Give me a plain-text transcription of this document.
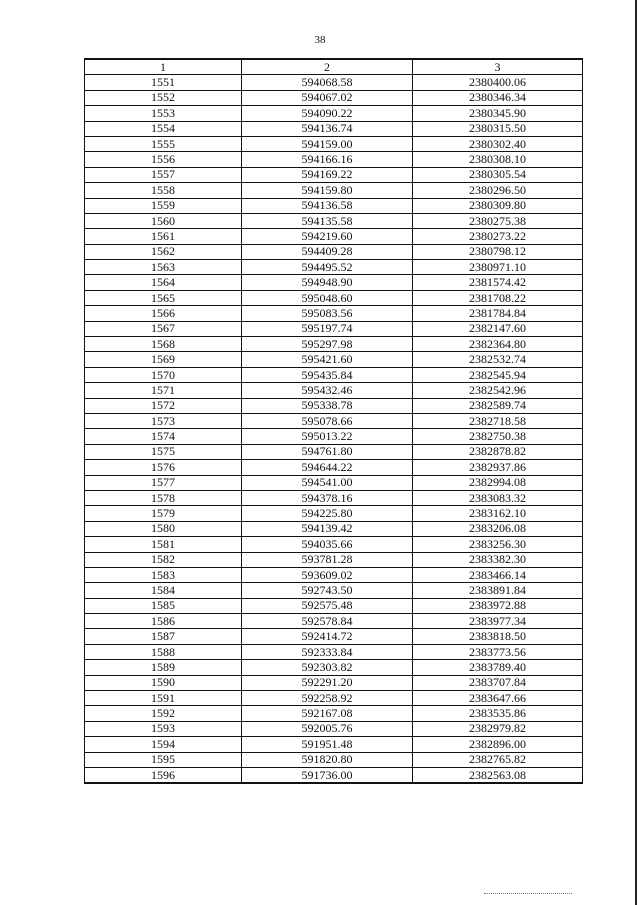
38
1	2	3
1551	594068.58	2380400.06
1552	594067.02	2380346.34
1553	594090.22	2380345.90
1554	594136.74	2380315.50
1555	594159.00	2380302.40
1556	594166.16	2380308.10
1557	594169.22	2380305.54
1558	594159.80	2380296.50
1559	594136.58	2380309.80
1560	594135.58	2380275.38
1561	594219.60	2380273.22
1562	594409.28	2380798.12
1563	594495.52	2380971.10
1564	594948.90	2381574.42
1565	595048.60	2381708.22
1566	595083.56	2381784.84
1567	595197.74	2382147.60
1568	595297.98	2382364.80
1569	595421.60	2382532.74
1570	595435.84	2382545.94
1571	595432.46	2382542.96
1572	595338.78	2382589.74
1573	595078.66	2382718.58
1574	595013.22	2382750.38
1575	594761.80	2382878.82
1576	594644.22	2382937.86
1577	594541.00	2382994.08
1578	594378.16	2383083.32
1579	594225.80	2383162.10
1580	594139.42	2383206.08
1581	594035.66	2383256.30
1582	593781.28	2383382.30
1583	593609.02	2383466.14
1584	592743.50	2383891.84
1585	592575.48	2383972.88
1586	592578.84	2383977.34
1587	592414.72	2383818.50
1588	592333.84	2383773.56
1589	592303.82	2383789.40
1590	592291.20	2383707.84
1591	592258.92	2383647.66
1592	592167.08	2383535.86
1593	592005.76	2382979.82
1594	591951.48	2382896.00
1595	591820.80	2382765.82
1596	591736.00	2382563.08
